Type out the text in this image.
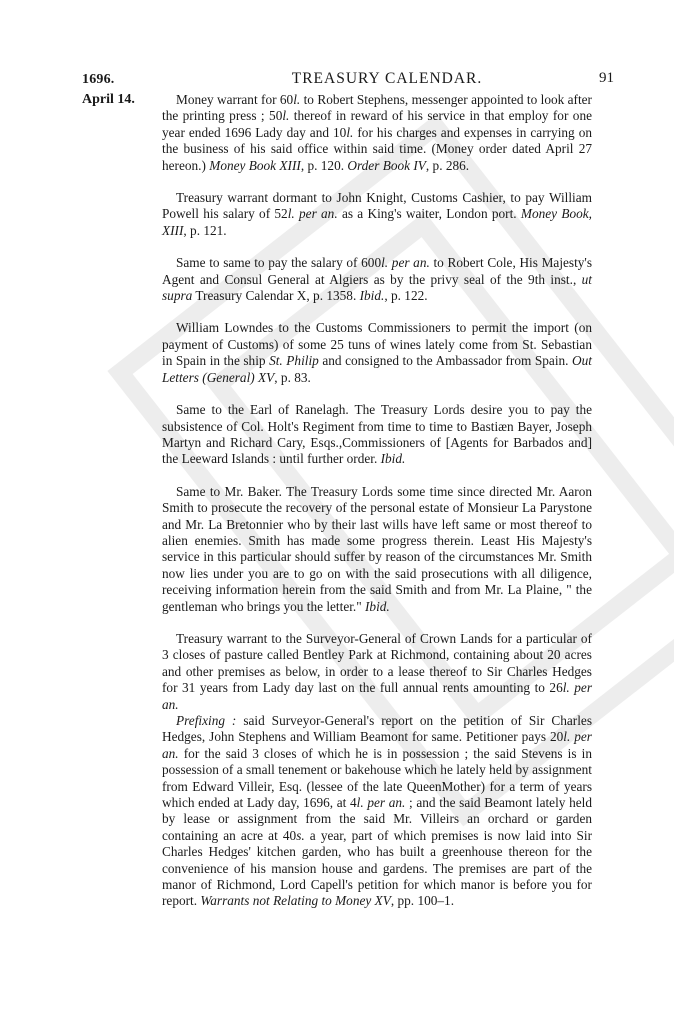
1696.	TREASURY CALENDAR.	91
April 14.	Money warrant for 60l. to Robert Stephens, messenger appointed to look after the printing press ; 50l. thereof in reward of his service in that employ for one year ended 1696 Lady day and 10l. for his charges and expenses in carrying on the business of his said office within said time. (Money order dated April 27 hereon.) Money Book XIII, p. 120. Order Book IV, p. 286.

Treasury warrant dormant to John Knight, Customs Cashier, to pay William Powell his salary of 52l. per an. as a King's waiter, London port. Money Book, XIII, p. 121.

Same to same to pay the salary of 600l. per an. to Robert Cole, His Majesty's Agent and Consul General at Algiers as by the privy seal of the 9th inst., ut supra Treasury Calendar X, p. 1358. Ibid., p. 122.

William Lowndes to the Customs Commissioners to permit the import (on payment of Customs) of some 25 tuns of wines lately come from St. Sebastian in Spain in the ship St. Philip and consigned to the Ambassador from Spain. Out Letters (General) XV, p. 83.

Same to the Earl of Ranelagh. The Treasury Lords desire you to pay the subsistence of Col. Holt's Regiment from time to time to Bastiæn Bayer, Joseph Martyn and Richard Cary, Esqs.,Commissioners of [Agents for Barbados and] the Leeward Islands : until further order. Ibid.

Same to Mr. Baker. The Treasury Lords some time since directed Mr. Aaron Smith to prosecute the recovery of the personal estate of Monsieur La Parystone and Mr. La Bretonnier who by their last wills have left same or most thereof to alien enemies. Smith has made some progress therein. Least His Majesty's service in this particular should suffer by reason of the circumstances Mr. Smith now lies under you are to go on with the said prosecutions with all diligence, receiving information herein from the said Smith and from Mr. La Plaine, " the gentleman who brings you the letter." Ibid.

Treasury warrant to the Surveyor-General of Crown Lands for a particular of 3 closes of pasture called Bentley Park at Richmond, containing about 20 acres and other premises as below, in order to a lease thereof to Sir Charles Hedges for 31 years from Lady day last on the full annual rents amounting to 26l. per an.

Prefixing : said Surveyor-General's report on the petition of Sir Charles Hedges, John Stephens and William Beamont for same. Petitioner pays 20l. per an. for the said 3 closes of which he is in possession ; the said Stevens is in possession of a small tenement or bakehouse which he lately held by assignment from Edward Villeir, Esq. (lessee of the late QueenMother) for a term of years which ended at Lady day, 1696, at 4l. per an. ; and the said Beamont lately held by lease or assignment from the said Mr. Villeirs an orchard or garden containing an acre at 40s. a year, part of which premises is now laid into Sir Charles Hedges' kitchen garden, who has built a greenhouse thereon for the convenience of his mansion house and gardens. The premises are part of the manor of Richmond, Lord Capell's petition for which manor is before you for report. Warrants not Relating to Money XV, pp. 100–1.
